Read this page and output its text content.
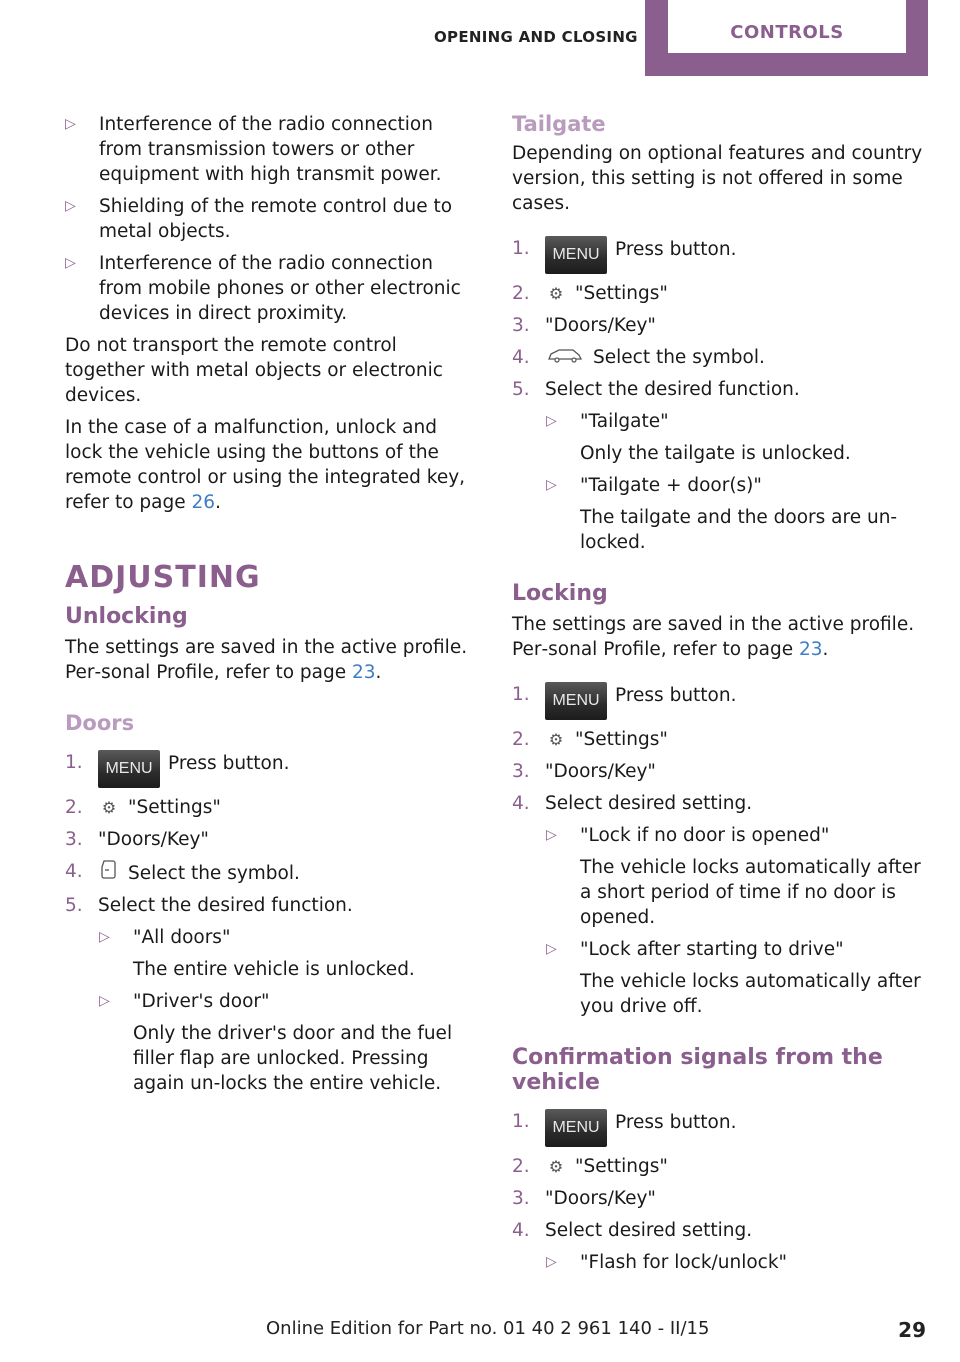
OPENING AND CLOSING	CONTROLS
▷ Interference of the radio connection from transmission towers or other equipment with high transmit power.
▷ Shielding of the remote control due to metal objects.
▷ Interference of the radio connection from mobile phones or other electronic devices in direct proximity.

Do not transport the remote control together with metal objects or electronic devices.

In the case of a malfunction, unlock and lock the vehicle using the buttons of the remote control or using the integrated key, refer to page 26.

ADJUSTING
Unlocking

The settings are saved in the active profile. Per‐sonal Profile, refer to page 23.

Doors
1. MENU Press button.
2. ⚙ "Settings"
3. "Doors/Key"
4. Select the symbol.
5. Select the desired function.
▷ "All doors"
The entire vehicle is unlocked.
▷ "Driver's door"
Only the driver's door and the fuel filler flap are unlocked. Pressing again un‐locks the entire vehicle.
Tailgate

Depending on optional features and country version, this setting is not offered in some cases.

1. MENU Press button.
2. ⚙ "Settings"
3. "Doors/Key"
4.	Select the symbol.
5. Select the desired function.
▷ "Tailgate"
Only the tailgate is unlocked.
▷ "Tailgate + door(s)"
The tailgate and the doors are un‐locked.
Locking

The settings are saved in the active profile. Per‐sonal Profile, refer to page 23.

1. MENU Press button.
2. ⚙ "Settings"
3. "Doors/Key"
4. Select desired setting.
▷ "Lock if no door is opened"
The vehicle locks automatically after a short period of time if no door is opened.
▷ "Lock after starting to drive"
The vehicle locks automatically after you drive off.
Confirmation signals from the vehicle
1. MENU Press button.
2. ⚙ "Settings"
3. "Doors/Key"
4. Select desired setting.
▷ "Flash for lock/unlock"
Online Edition for Part no. 01 40 2 961 140 - II/15	29
